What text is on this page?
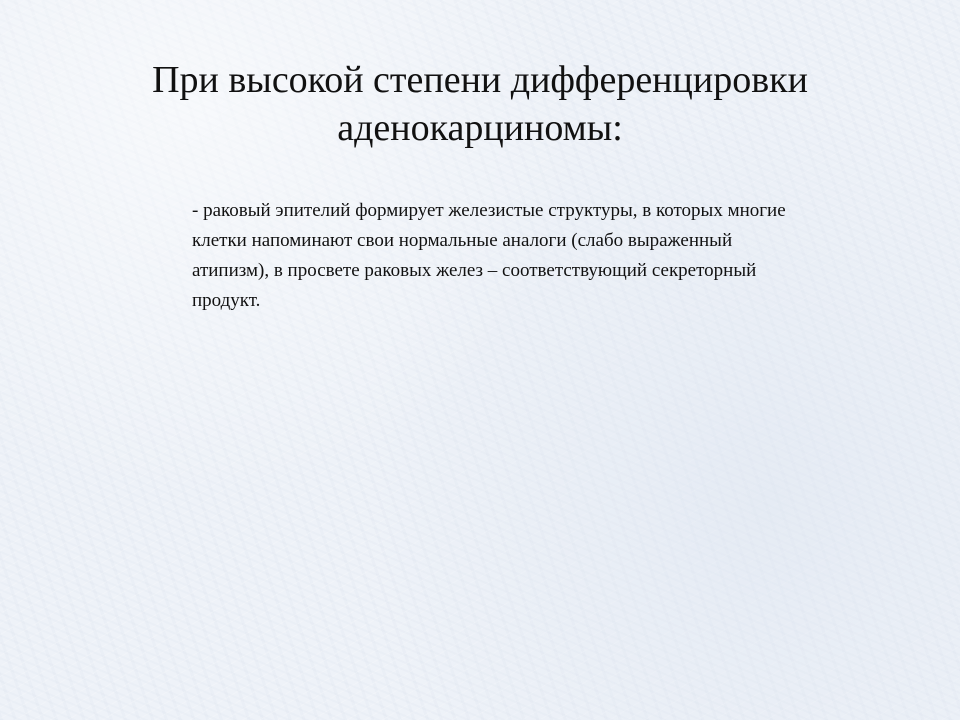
При высокой степени дифференцировки аденокарциномы:

- раковый эпителий формирует железистые структуры, в которых многие клетки напоминают свои нормальные аналоги (слабо выраженный атипизм), в просвете раковых желез – соответствующий секреторный продукт.
